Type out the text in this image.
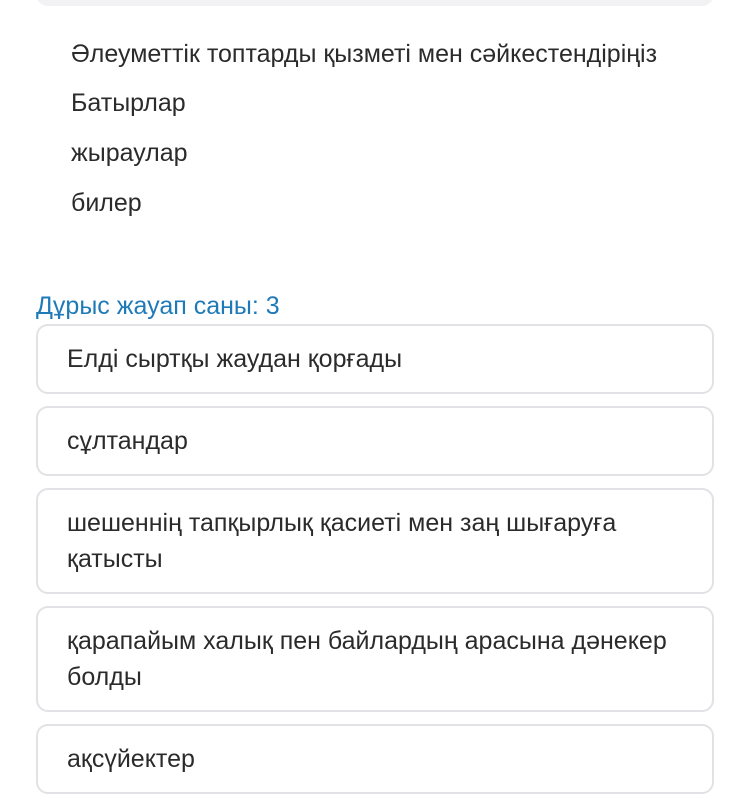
Әлеуметтік топтарды қызметі мен сәйкестендіріңіз
Батырлар
жыраулар
билер
Дұрыс жауап саны: 3
Елді сыртқы жаудан қорғады
сұлтандар
шешеннің тапқырлық қасиеті мен заң шығаруға қатысты
қарапайым халық пен байлардың арасына дәнекер болды
ақсүйектер
